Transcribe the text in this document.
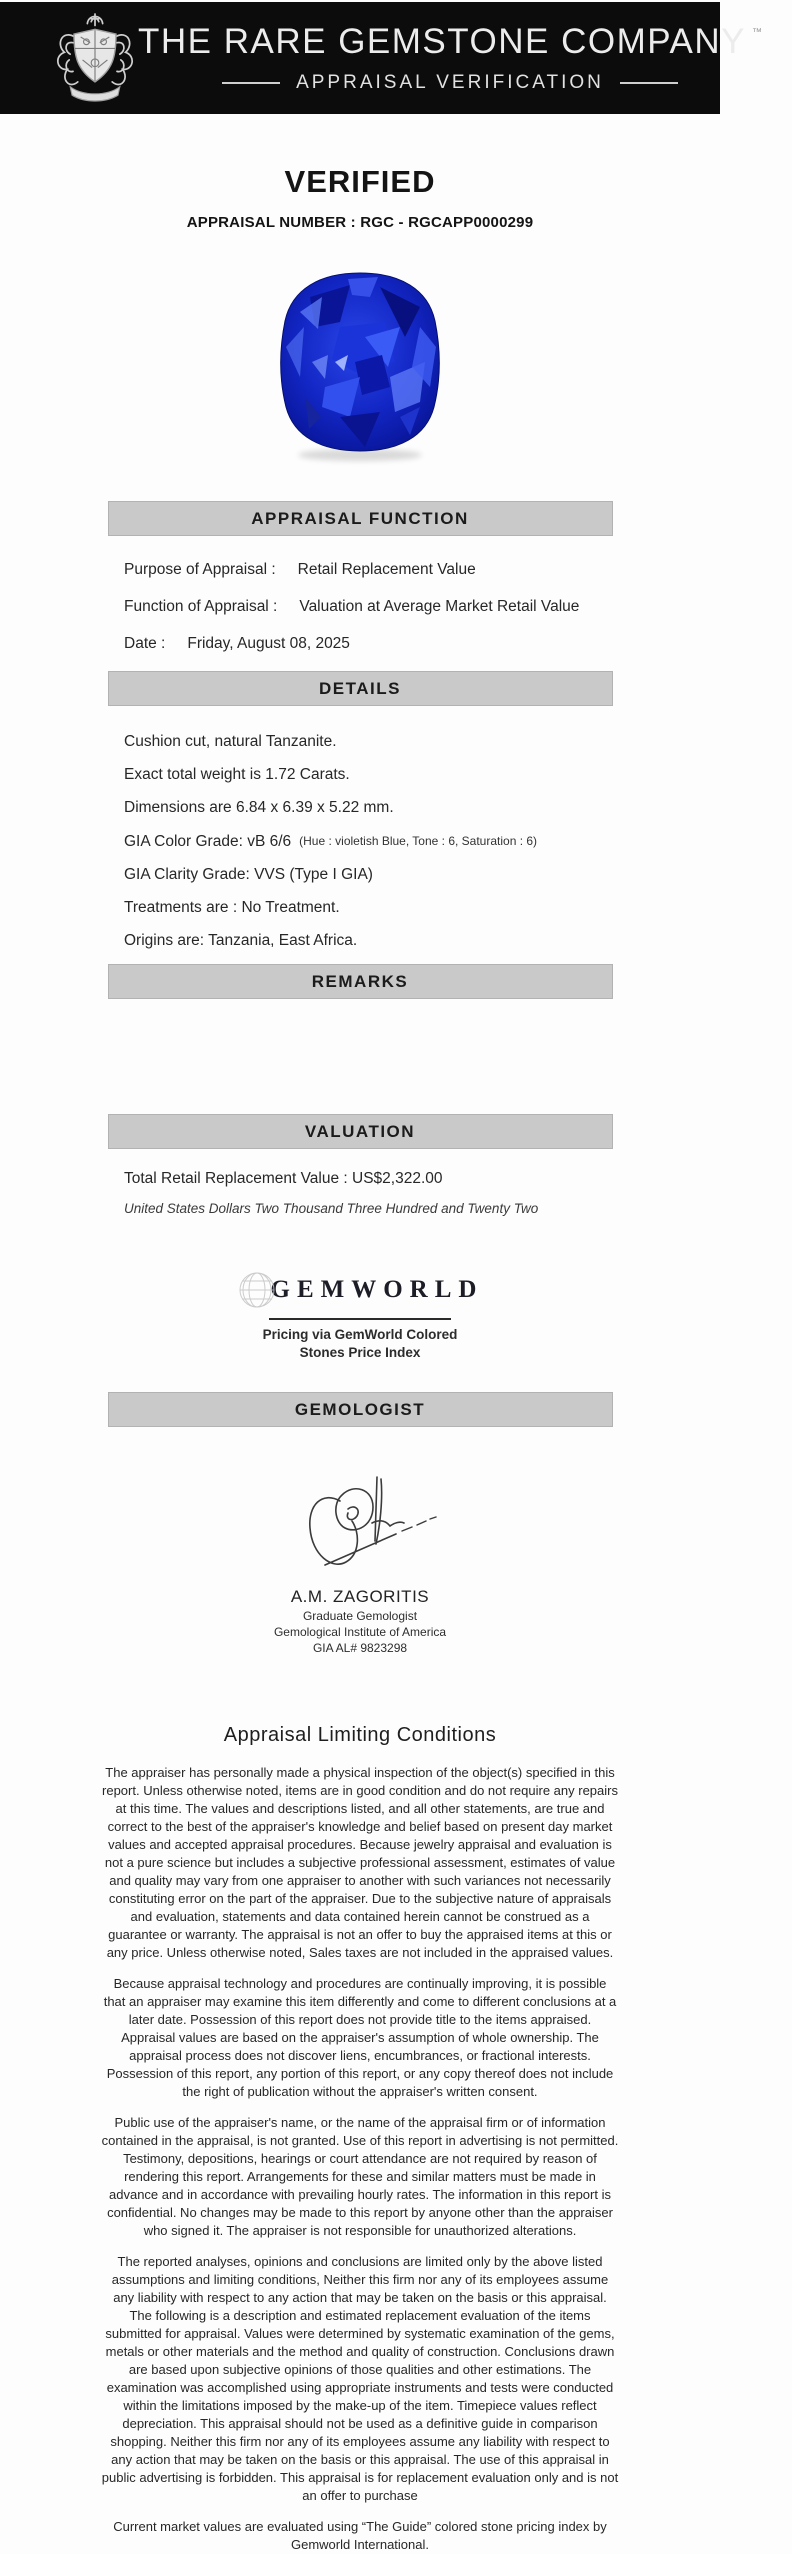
THE RARE GEMSTONE COMPANY ™
APPRAISAL VERIFICATION
VERIFIED
APPRAISAL NUMBER : RGC - RGCAPP0000299
APPRAISAL FUNCTION
Purpose of Appraisal : Retail Replacement Value
Function of Appraisal : Valuation at Average Market Retail Value
Date : Friday, August 08, 2025
DETAILS
Cushion cut, natural Tanzanite.
Exact total weight is 1.72 Carats.
Dimensions are 6.84 x 6.39 x 5.22 mm.
GIA Color Grade: vB 6/6 (Hue : violetish Blue, Tone : 6, Saturation : 6)
GIA Clarity Grade: VVS (Type I GIA)
Treatments are : No Treatment.
Origins are: Tanzania, East Africa.
REMARKS
VALUATION
Total Retail Replacement Value : US$2,322.00
United States Dollars Two Thousand Three Hundred and Twenty Two
GEMWORLD
Pricing via GemWorld Colored
Stones Price Index
GEMOLOGIST
A.M. ZAGORITIS
Graduate Gemologist
Gemological Institute of America
GIA AL# 9823298
Appraisal Limiting Conditions

The appraiser has personally made a physical inspection of the object(s) specified in this report. Unless otherwise noted, items are in good condition and do not require any repairs at this time. The values and descriptions listed, and all other statements, are true and correct to the best of the appraiser's knowledge and belief based on present day market values and accepted appraisal procedures. Because jewelry appraisal and evaluation is not a pure science but includes a subjective professional assessment, estimates of value and quality may vary from one appraiser to another with such variances not necessarily constituting error on the part of the appraiser. Due to the subjective nature of appraisals and evaluation, statements and data contained herein cannot be construed as a guarantee or warranty. The appraisal is not an offer to buy the appraised items at this or any price. Unless otherwise noted, Sales taxes are not included in the appraised values.

Because appraisal technology and procedures are continually improving, it is possible that an appraiser may examine this item differently and come to different conclusions at a later date. Possession of this report does not provide title to the items appraised. Appraisal values are based on the appraiser's assumption of whole ownership. The appraisal process does not discover liens, encumbrances, or fractional interests. Possession of this report, any portion of this report, or any copy thereof does not include the right of publication without the appraiser's written consent.

Public use of the appraiser's name, or the name of the appraisal firm or of information contained in the appraisal, is not granted. Use of this report in advertising is not permitted. Testimony, depositions, hearings or court attendance are not required by reason of rendering this report. Arrangements for these and similar matters must be made in advance and in accordance with prevailing hourly rates. The information in this report is confidential. No changes may be made to this report by anyone other than the appraiser who signed it. The appraiser is not responsible for unauthorized alterations.

The reported analyses, opinions and conclusions are limited only by the above listed assumptions and limiting conditions, Neither this firm nor any of its employees assume any liability with respect to any action that may be taken on the basis or this appraisal. The following is a description and estimated replacement evaluation of the items submitted for appraisal. Values were determined by systematic examination of the gems, metals or other materials and the method and quality of construction. Conclusions drawn are based upon subjective opinions of those qualities and other estimations. The examination was accomplished using appropriate instruments and tests were conducted within the limitations imposed by the make-up of the item. Timepiece values reflect depreciation. This appraisal should not be used as a definitive guide in comparison shopping. Neither this firm nor any of its employees assume any liability with respect to any action that may be taken on the basis or this appraisal. The use of this appraisal in public advertising is forbidden. This appraisal is for replacement evaluation only and is not an offer to purchase

Current market values are evaluated using “The Guide” colored stone pricing index by Gemworld International.
